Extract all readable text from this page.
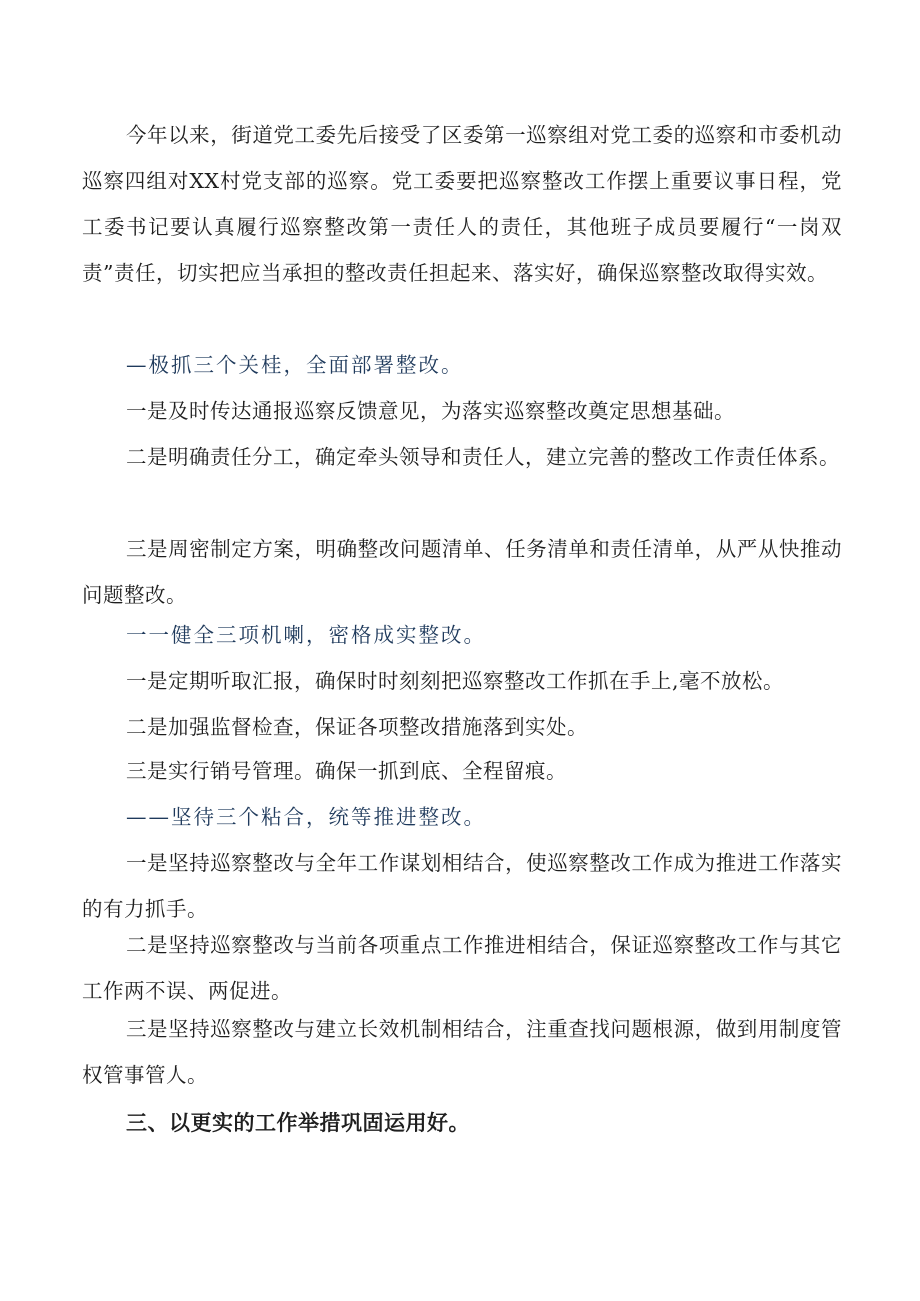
今年以来，街道党工委先后接受了区委第一巡察组对党工委的巡察和市委机动巡察四组对XX村党支部的巡察。党工委要把巡察整改工作摆上重要议事日程，党工委书记要认真履行巡察整改第一责任人的责任，其他班子成员要履行“一岗双责”责任，切实把应当承担的整改责任担起来、落实好，确保巡察整改取得实效。

—极抓三个关桂，全面部署整改。

一是及时传达通报巡察反馈意见，为落实巡察整改奠定思想基础。

二是明确责任分工，确定牵头领导和责任人，建立完善的整改工作责任体系。

三是周密制定方案，明确整改问题清单、任务清单和责任清单，从严从快推动问题整改。

一一健全三项机喇，密格成实整改。

一是定期听取汇报，确保时时刻刻把巡察整改工作抓在手上,毫不放松。

二是加强监督检查，保证各项整改措施落到实处。

三是实行销号管理。确保一抓到底、全程留痕。

——坚待三个粘合，统等推进整改。

一是坚持巡察整改与全年工作谋划相结合，使巡察整改工作成为推进工作落实的有力抓手。

二是坚持巡察整改与当前各项重点工作推进相结合，保证巡察整改工作与其它工作两不误、两促进。

三是坚持巡察整改与建立长效机制相结合，注重查找问题根源，做到用制度管权管事管人。

三、以更实的工作举措巩固运用好。
